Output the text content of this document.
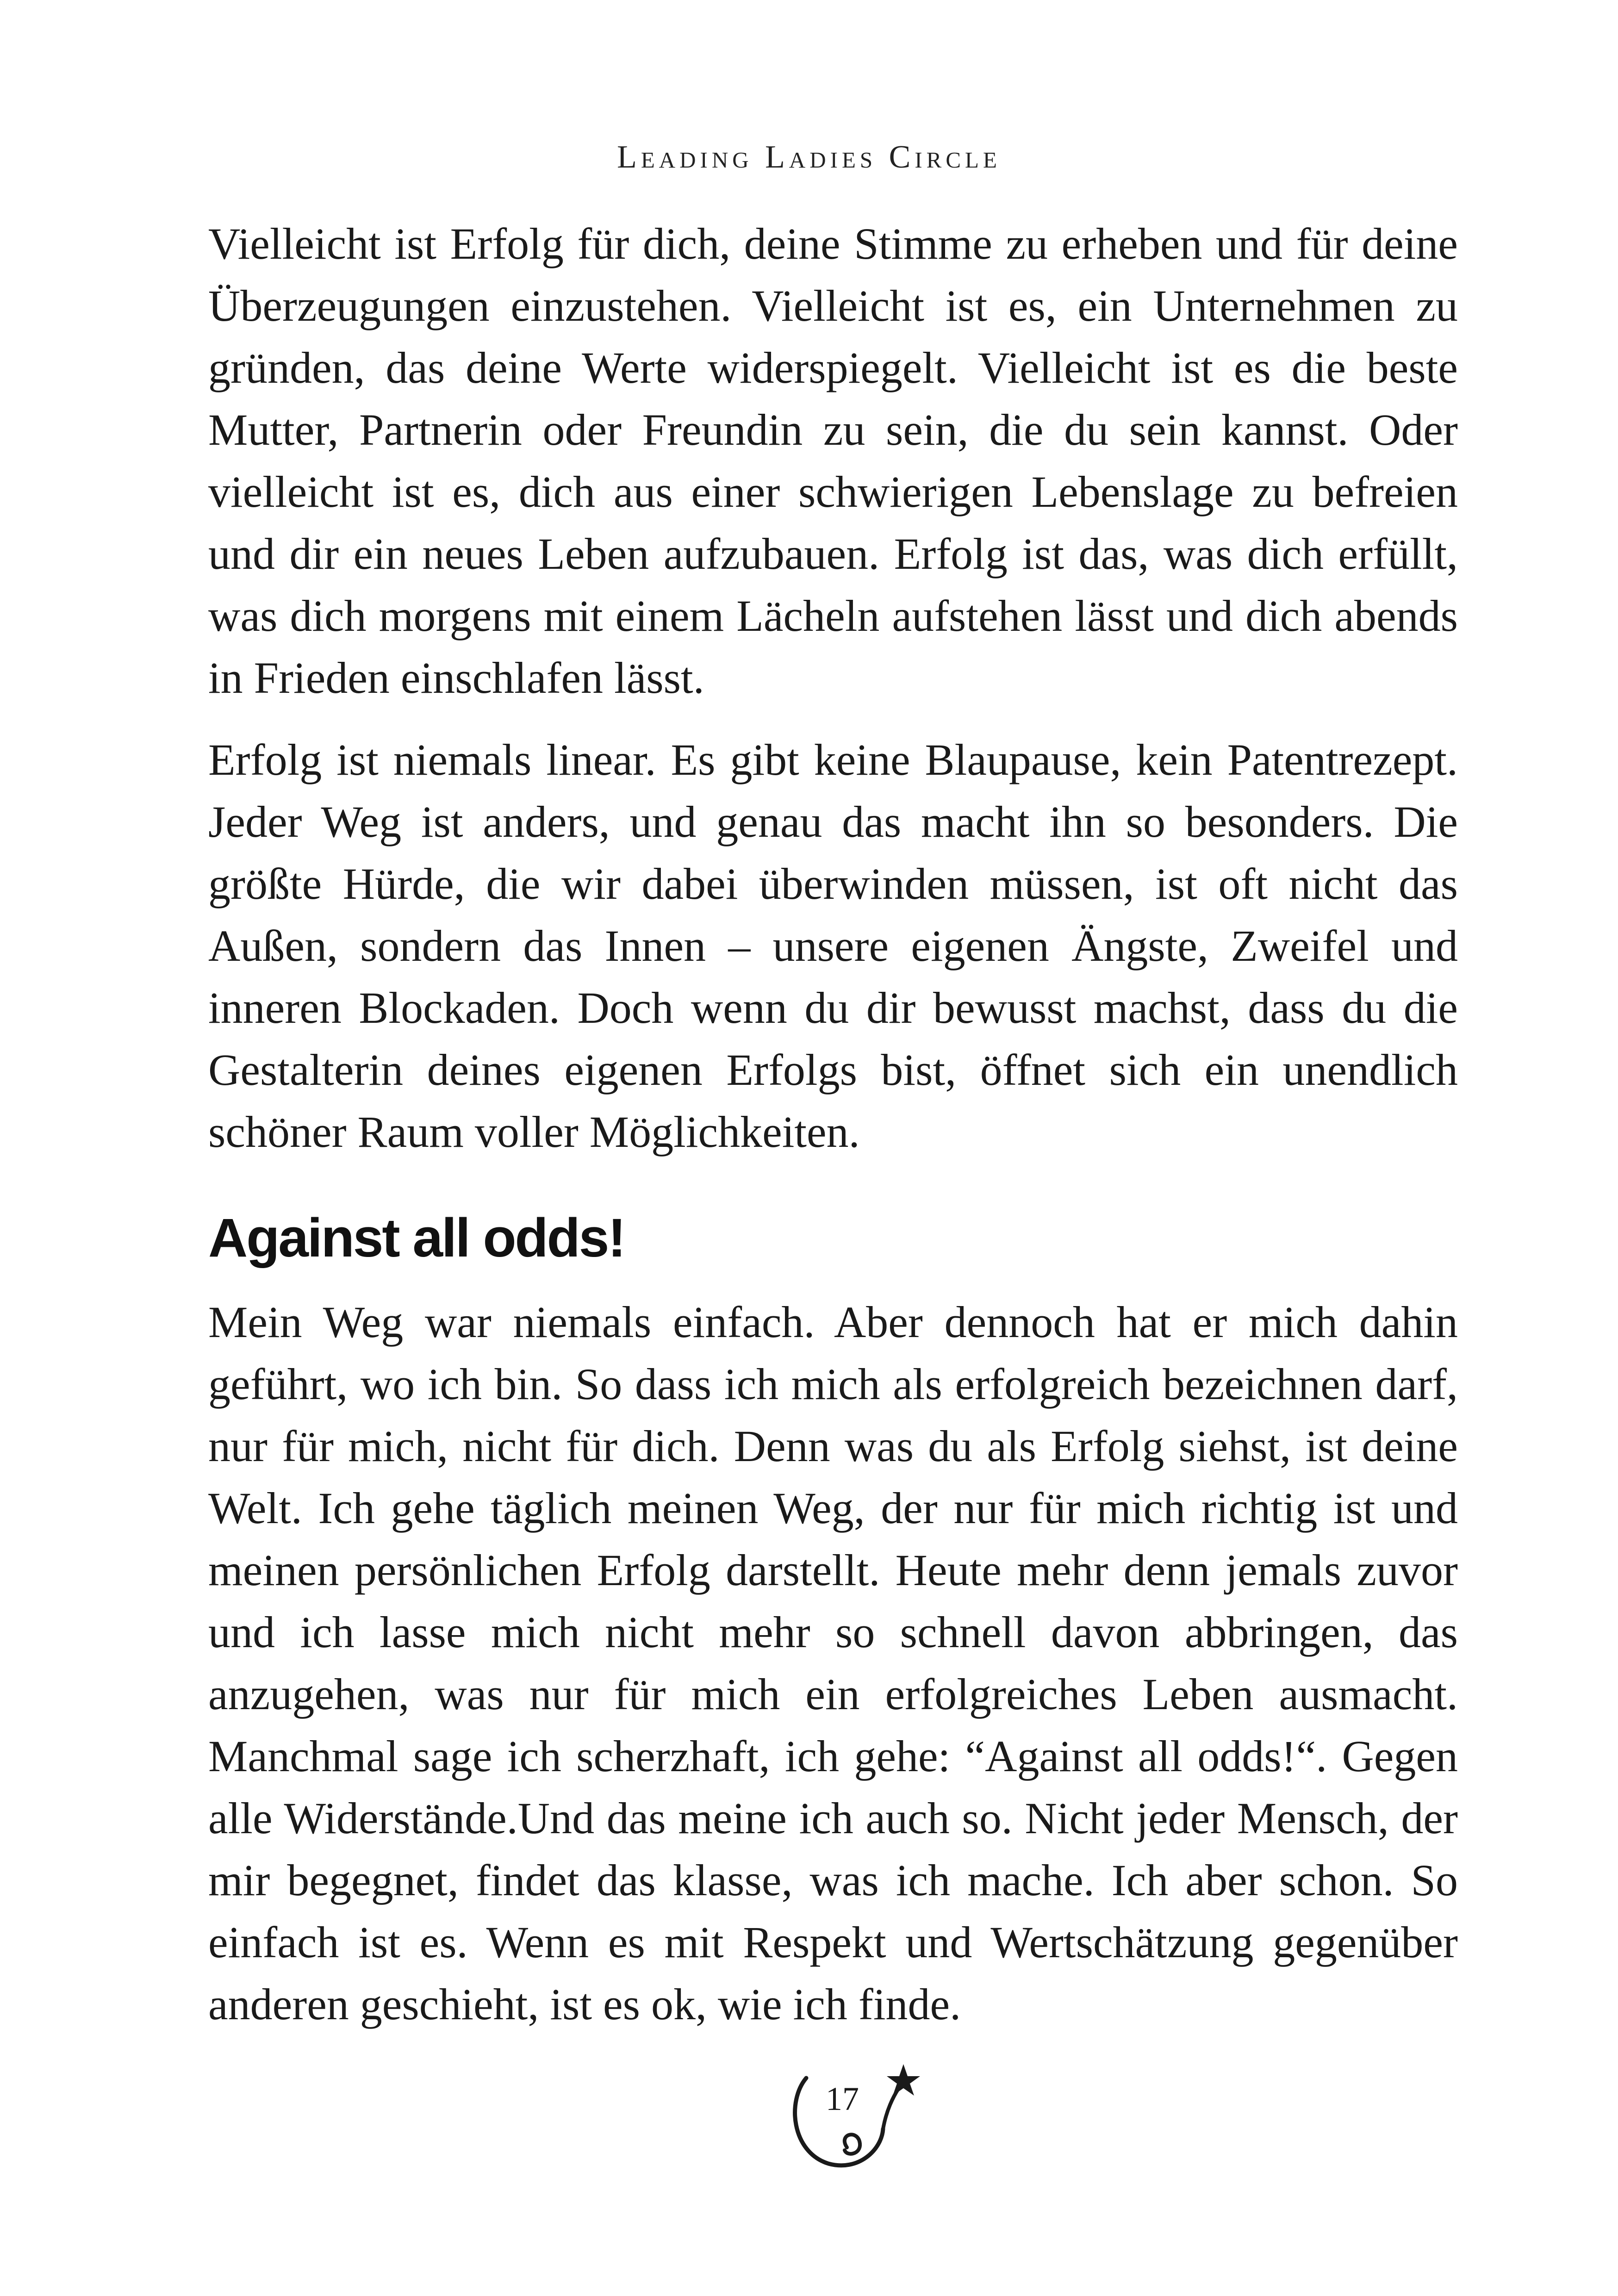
Leading Ladies Circle

Vielleicht ist Erfolg für dich, deine Stimme zu erheben und für deine Überzeugungen einzustehen. Vielleicht ist es, ein Unternehmen zu gründen, das deine Werte widerspiegelt. Vielleicht ist es die beste Mutter, Partnerin oder Freundin zu sein, die du sein kannst. Oder vielleicht ist es, dich aus einer schwierigen Lebenslage zu befreien und dir ein neues Leben aufzubauen. Erfolg ist das, was dich erfüllt, was dich morgens mit einem Lächeln aufstehen lässt und dich abends in Frieden einschlafen lässt.

Erfolg ist niemals linear. Es gibt keine Blaupause, kein Patentrezept. Jeder Weg ist anders, und genau das macht ihn so besonders. Die größte Hürde, die wir dabei überwinden müssen, ist oft nicht das Außen, sondern das Innen – unsere eigenen Ängste, Zweifel und inneren Blockaden. Doch wenn du dir bewusst machst, dass du die Gestalterin deines eigenen Erfolgs bist, öffnet sich ein unendlich schöner Raum voller Möglichkeiten.

Against all odds!

Mein Weg war niemals einfach. Aber dennoch hat er mich dahin geführt, wo ich bin. So dass ich mich als erfolgreich bezeichnen darf, nur für mich, nicht für dich. Denn was du als Erfolg siehst, ist deine Welt. Ich gehe täglich meinen Weg, der nur für mich richtig ist und meinen persönlichen Erfolg darstellt. Heute mehr denn jemals zuvor und ich lasse mich nicht mehr so schnell davon abbringen, das anzugehen, was nur für mich ein erfolgreiches Leben ausmacht. Manchmal sage ich scherzhaft, ich gehe: “Against all odds!“. Gegen alle Widerstände.Und das meine ich auch so. Nicht jeder Mensch, der mir begegnet, findet das klasse, was ich mache. Ich aber schon. So einfach ist es. Wenn es mit Respekt und Wertschätzung gegenüber anderen geschieht, ist es ok, wie ich finde.

17
